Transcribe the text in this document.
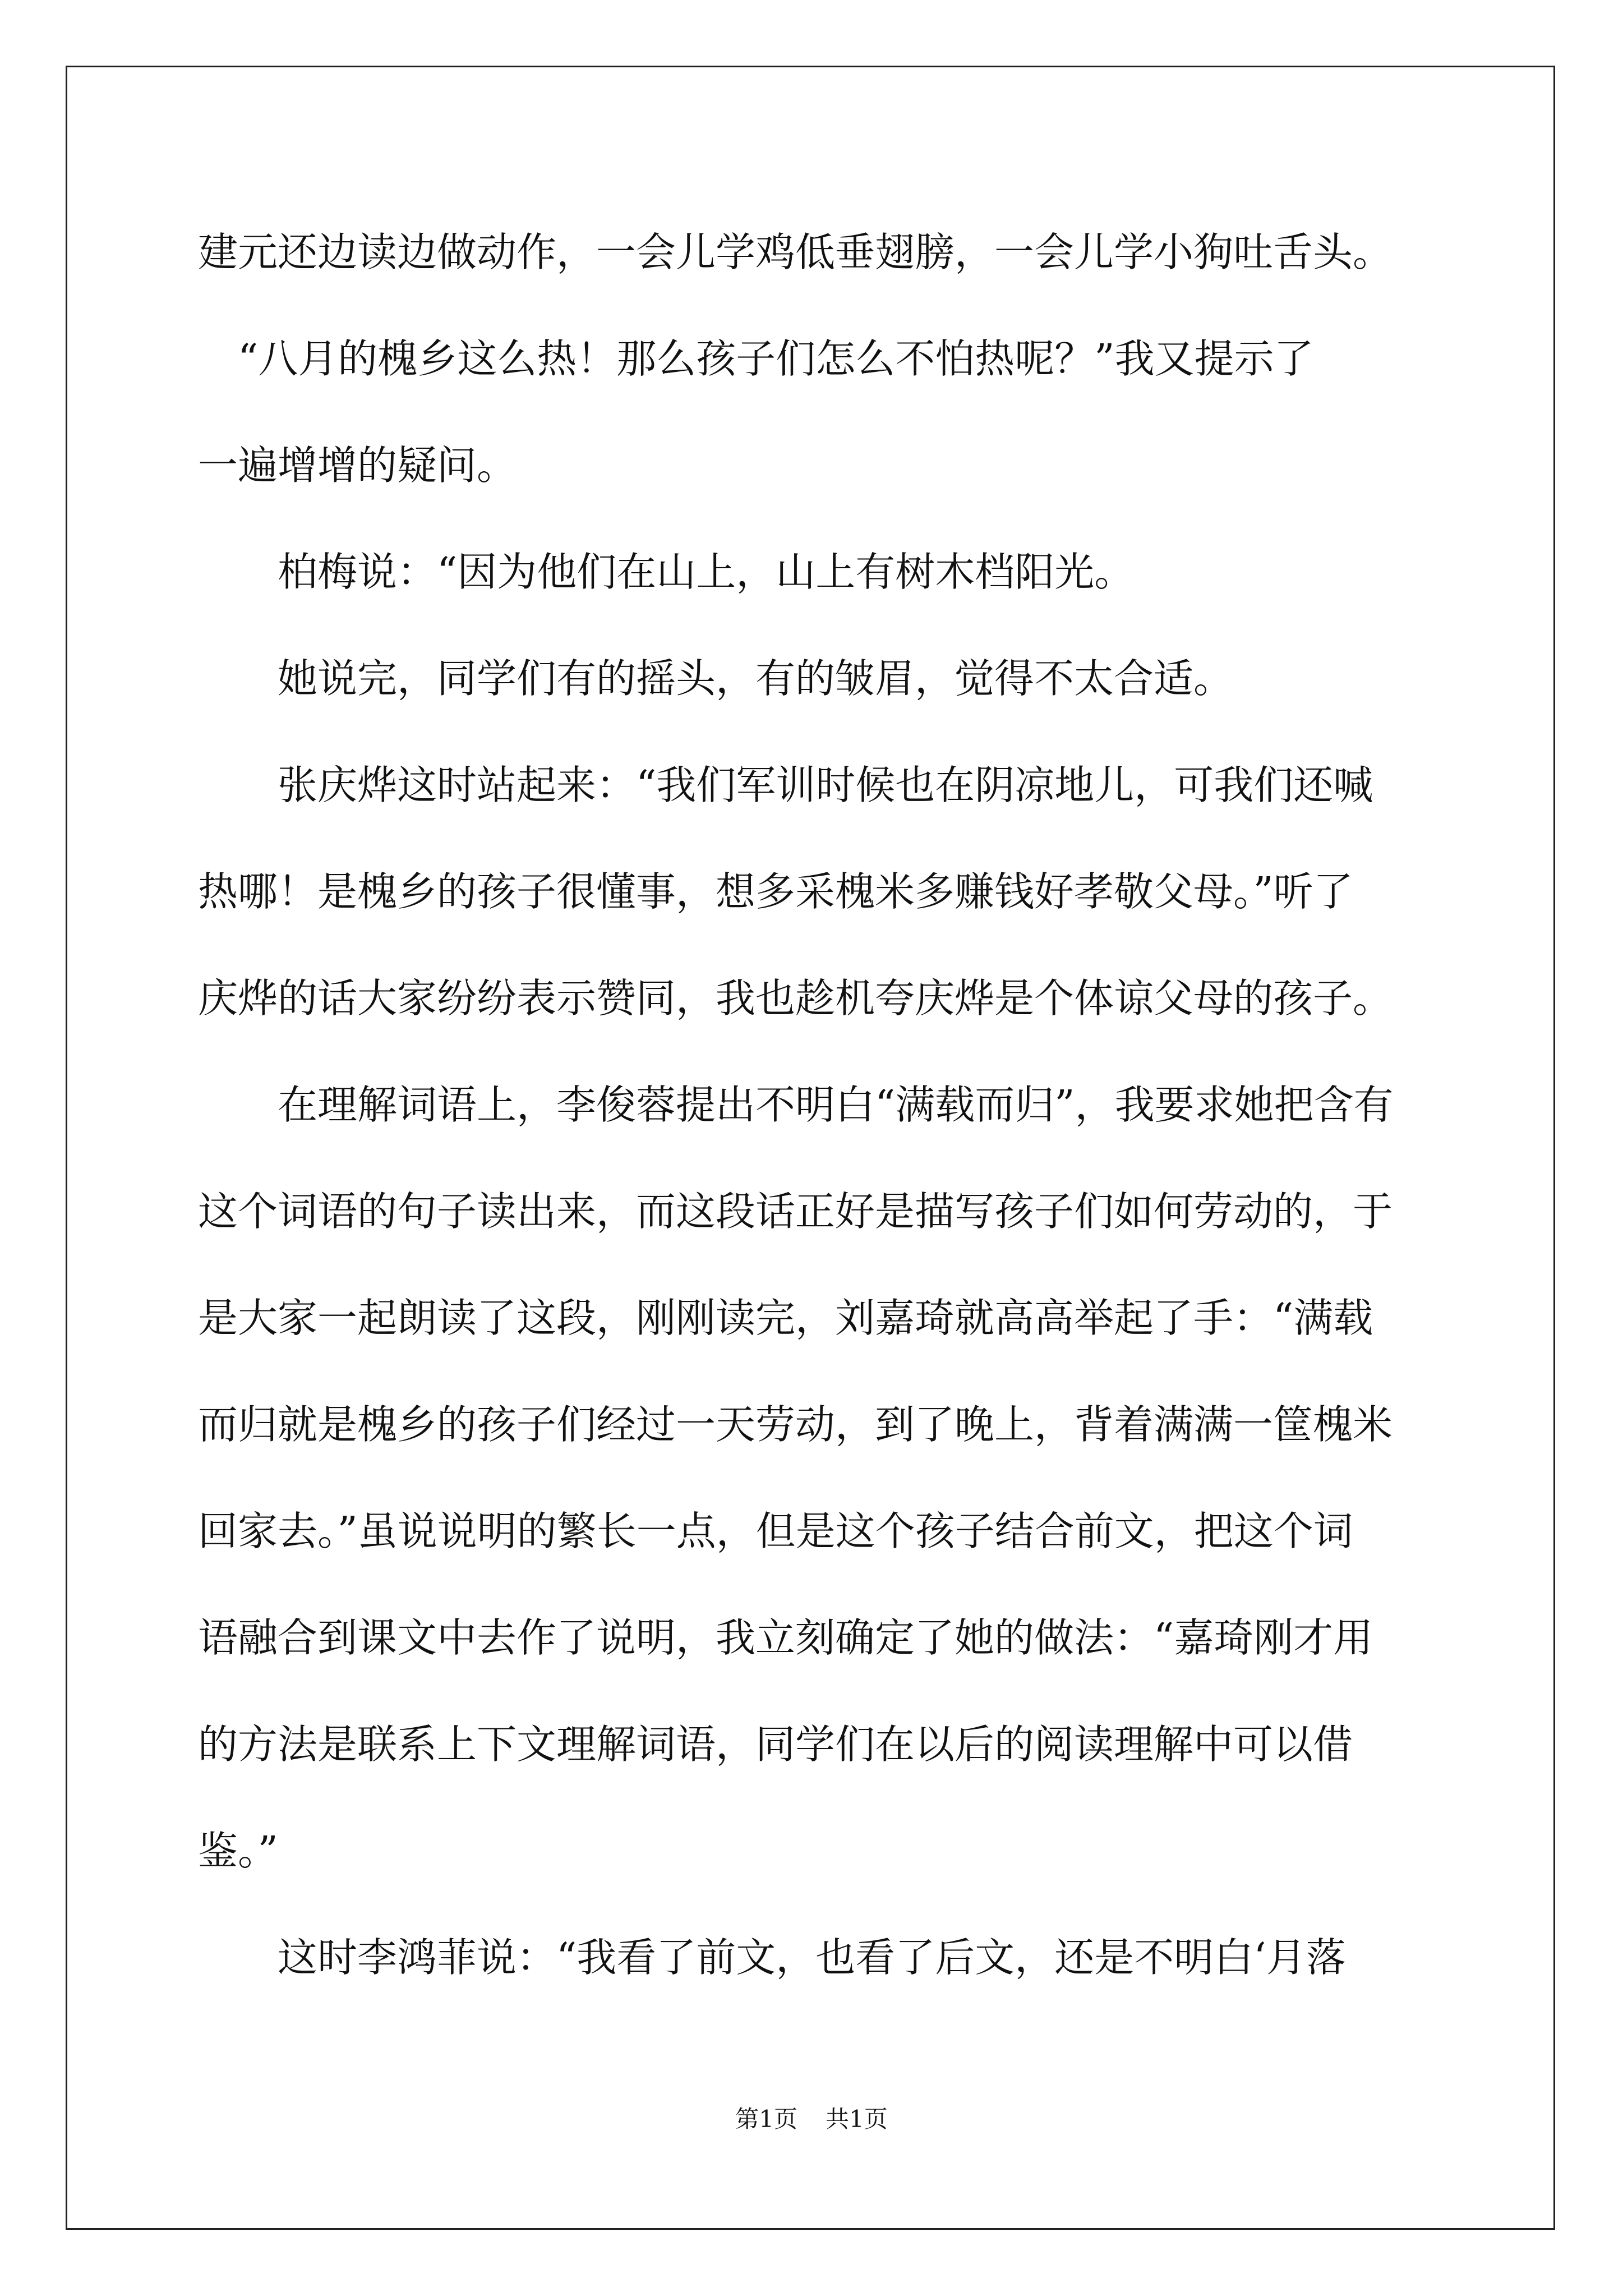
建元还边读边做动作，一会儿学鸡低垂翅膀，一会儿学小狗吐舌头。
　“八月的槐乡这么热！那么孩子们怎么不怕热呢？”我又提示了
一遍增增的疑问。
　　柏梅说：“因为他们在山上，山上有树木档阳光。
　　她说完，同学们有的摇头，有的皱眉，觉得不太合适。
　　张庆烨这时站起来：“我们军训时候也在阴凉地儿，可我们还喊
热哪！是槐乡的孩子很懂事，想多采槐米多赚钱好孝敬父母。”听了
庆烨的话大家纷纷表示赞同，我也趁机夸庆烨是个体谅父母的孩子。
　　在理解词语上，李俊蓉提出不明白“满载而归”，我要求她把含有
这个词语的句子读出来，而这段话正好是描写孩子们如何劳动的，于
是大家一起朗读了这段，刚刚读完，刘嘉琦就高高举起了手：“满载
而归就是槐乡的孩子们经过一天劳动，到了晚上，背着满满一筐槐米
回家去。”虽说说明的繁长一点，但是这个孩子结合前文，把这个词
语融合到课文中去作了说明，我立刻确定了她的做法：“嘉琦刚才用
的方法是联系上下文理解词语，同学们在以后的阅读理解中可以借
鉴。”
　　这时李鸿菲说：“我看了前文，也看了后文，还是不明白‘月落
第1页 共1页
